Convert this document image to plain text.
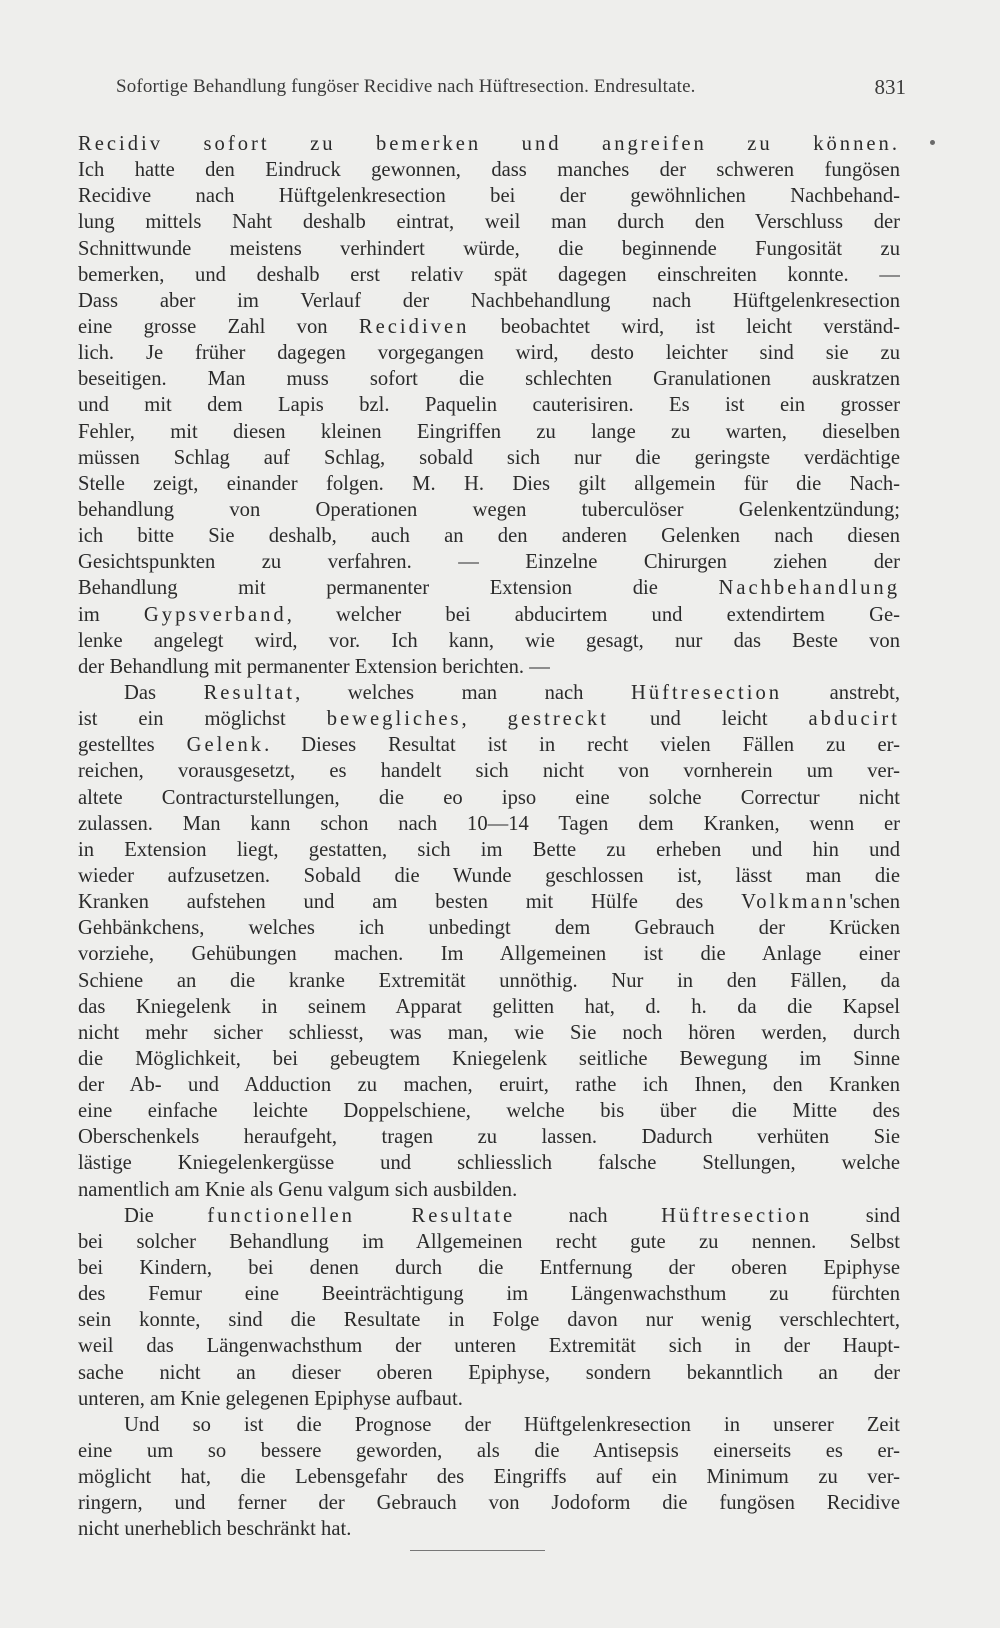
Sofortige Behandlung fungöser Recidive nach Hüftresection. Endresultate.	831
Recidiv sofort zu bemerken und angreifen zu können.
Ich hatte den Eindruck gewonnen, dass manches der schweren fungösen
Recidive nach Hüftgelenkresection bei der gewöhnlichen Nachbehand-
lung mittels Naht deshalb eintrat, weil man durch den Verschluss der
Schnittwunde meistens verhindert würde, die beginnende Fungosität zu
bemerken, und deshalb erst relativ spät dagegen einschreiten konnte. —
Dass aber im Verlauf der Nachbehandlung nach Hüftgelenkresection
eine grosse Zahl von Recidiven beobachtet wird, ist leicht verständ-
lich. Je früher dagegen vorgegangen wird, desto leichter sind sie zu
beseitigen. Man muss sofort die schlechten Granulationen auskratzen
und mit dem Lapis bzl. Paquelin cauterisiren. Es ist ein grosser
Fehler, mit diesen kleinen Eingriffen zu lange zu warten, dieselben
müssen Schlag auf Schlag, sobald sich nur die geringste verdächtige
Stelle zeigt, einander folgen. M. H. Dies gilt allgemein für die Nach-
behandlung von Operationen wegen tuberculöser Gelenkentzündung;
ich bitte Sie deshalb, auch an den anderen Gelenken nach diesen
Gesichtspunkten zu verfahren. — Einzelne Chirurgen ziehen der
Behandlung mit permanenter Extension die Nachbehandlung
im Gypsverband, welcher bei abducirtem und extendirtem Ge-
lenke angelegt wird, vor. Ich kann, wie gesagt, nur das Beste von
der Behandlung mit permanenter Extension berichten. —
Das Resultat, welches man nach Hüftresection anstrebt,
ist ein möglichst bewegliches, gestreckt und leicht abducirt
gestelltes Gelenk. Dieses Resultat ist in recht vielen Fällen zu er-
reichen, vorausgesetzt, es handelt sich nicht von vornherein um ver-
altete Contracturstellungen, die eo ipso eine solche Correctur nicht
zulassen. Man kann schon nach 10—14 Tagen dem Kranken, wenn er
in Extension liegt, gestatten, sich im Bette zu erheben und hin und
wieder aufzusetzen. Sobald die Wunde geschlossen ist, lässt man die
Kranken aufstehen und am besten mit Hülfe des Volkmann'schen
Gehbänkchens, welches ich unbedingt dem Gebrauch der Krücken
vorziehe, Gehübungen machen. Im Allgemeinen ist die Anlage einer
Schiene an die kranke Extremität unnöthig. Nur in den Fällen, da
das Kniegelenk in seinem Apparat gelitten hat, d. h. da die Kapsel
nicht mehr sicher schliesst, was man, wie Sie noch hören werden, durch
die Möglichkeit, bei gebeugtem Kniegelenk seitliche Bewegung im Sinne
der Ab- und Adduction zu machen, eruirt, rathe ich Ihnen, den Kranken
eine einfache leichte Doppelschiene, welche bis über die Mitte des
Oberschenkels heraufgeht, tragen zu lassen. Dadurch verhüten Sie
lästige Kniegelenkergüsse und schliesslich falsche Stellungen, welche
namentlich am Knie als Genu valgum sich ausbilden.
Die functionellen Resultate nach Hüftresection sind
bei solcher Behandlung im Allgemeinen recht gute zu nennen. Selbst
bei Kindern, bei denen durch die Entfernung der oberen Epiphyse
des Femur eine Beeinträchtigung im Längenwachsthum zu fürchten
sein konnte, sind die Resultate in Folge davon nur wenig verschlechtert,
weil das Längenwachsthum der unteren Extremität sich in der Haupt-
sache nicht an dieser oberen Epiphyse, sondern bekanntlich an der
unteren, am Knie gelegenen Epiphyse aufbaut.
Und so ist die Prognose der Hüftgelenkresection in unserer Zeit
eine um so bessere geworden, als die Antisepsis einerseits es er-
möglicht hat, die Lebensgefahr des Eingriffs auf ein Minimum zu ver-
ringern, und ferner der Gebrauch von Jodoform die fungösen Recidive
nicht unerheblich beschränkt hat.
